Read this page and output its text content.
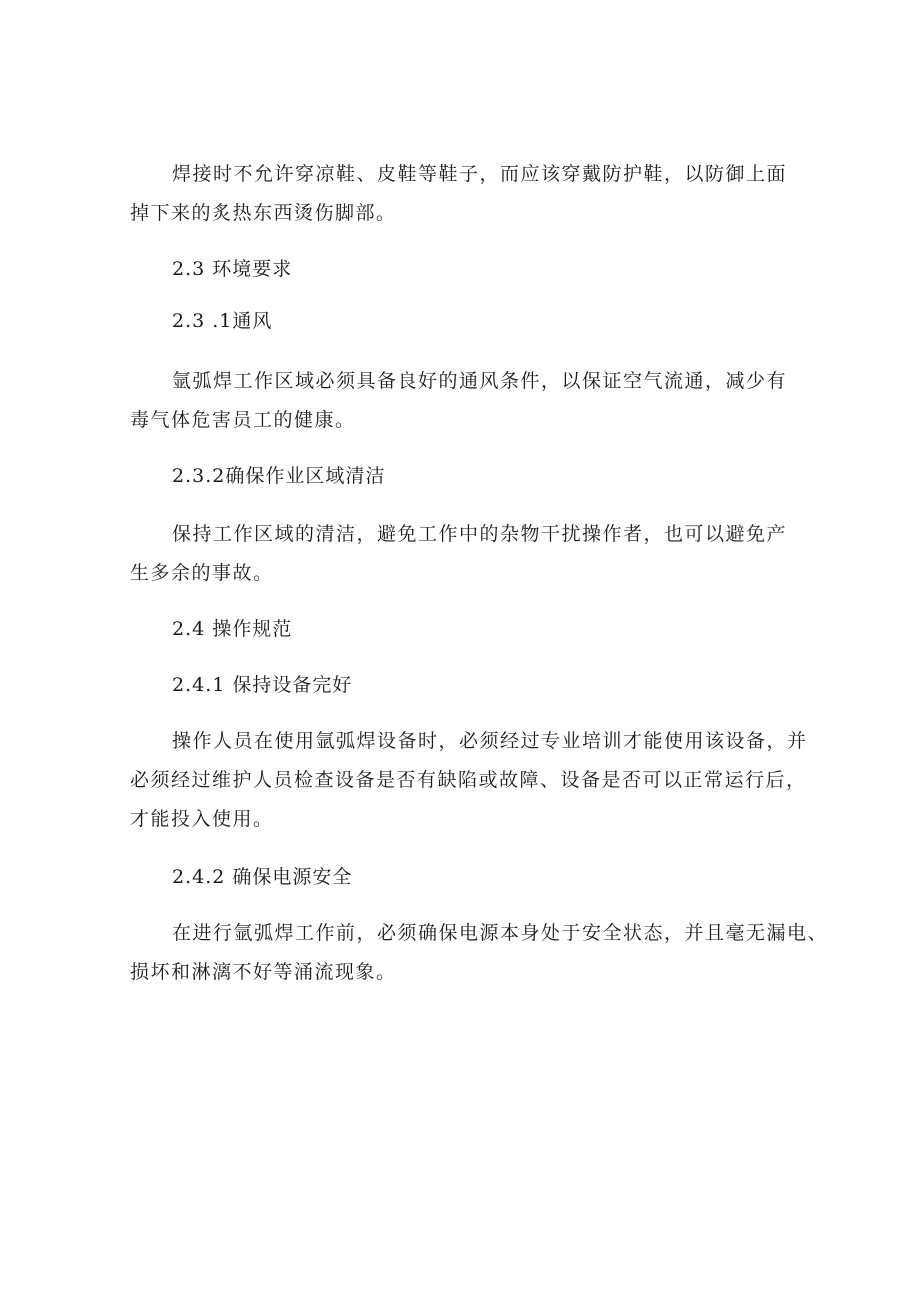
焊接时不允许穿凉鞋、皮鞋等鞋子，而应该穿戴防护鞋，以防御上面
掉下来的炙热东西烫伤脚部。
2.3 环境要求
2.3 .1通风
氩弧焊工作区域必须具备良好的通风条件，以保证空气流通，减少有
毒气体危害员工的健康。
2.3.2确保作业区域清洁
保持工作区域的清洁，避免工作中的杂物干扰操作者，也可以避免产
生多余的事故。
2.4 操作规范
2.4.1 保持设备完好
操作人员在使用氩弧焊设备时，必须经过专业培训才能使用该设备，并
必须经过维护人员检查设备是否有缺陷或故障、设备是否可以正常运行后，
才能投入使用。
2.4.2 确保电源安全
在进行氩弧焊工作前，必须确保电源本身处于安全状态，并且毫无漏电、
损坏和淋漓不好等涌流现象。
